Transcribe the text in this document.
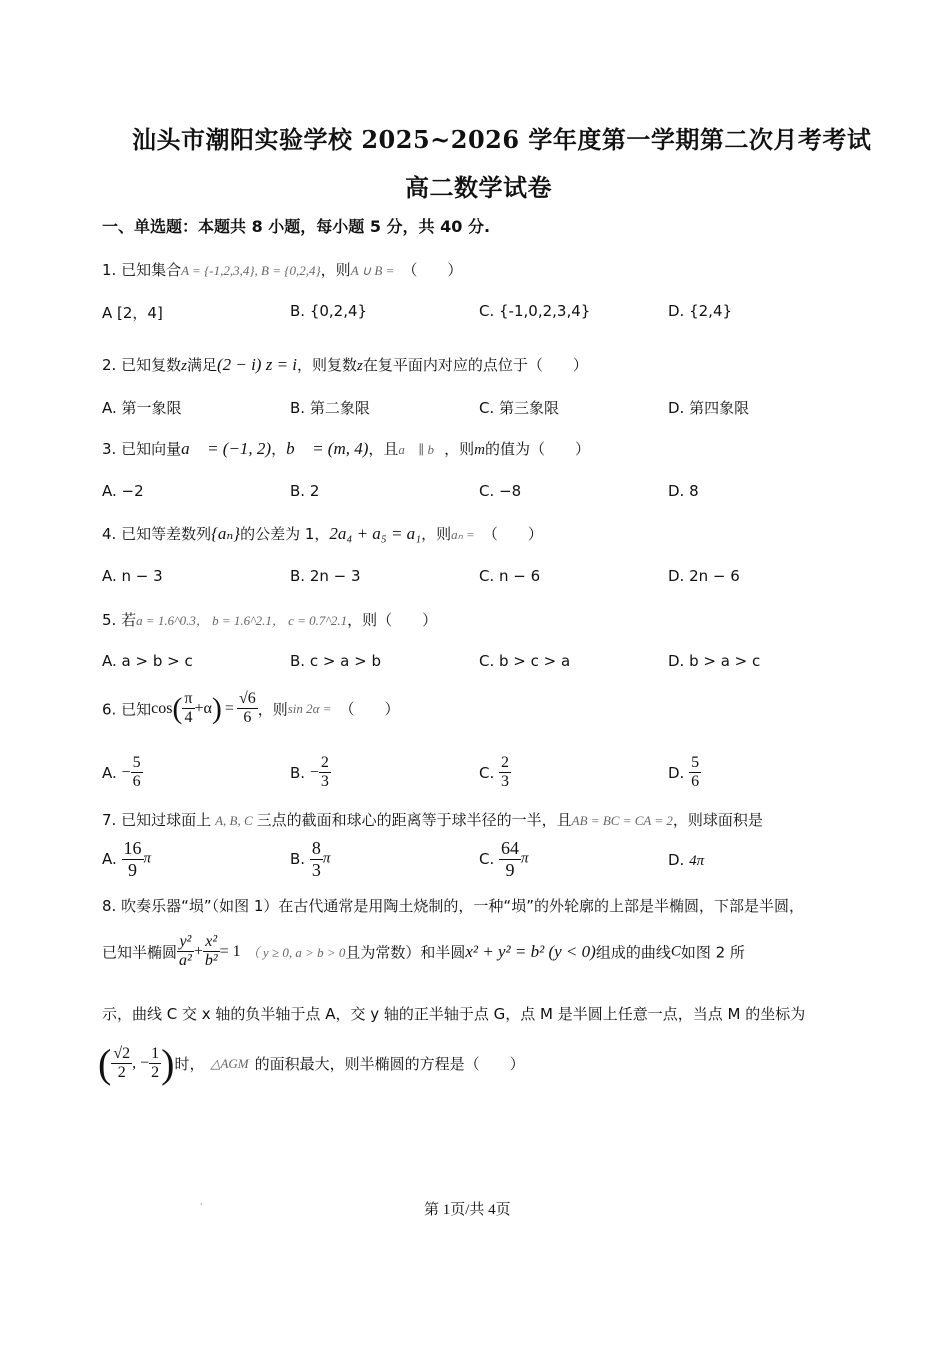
汕头市潮阳实验学校 2025~2026 学年度第一学期第二次月考考试
高二数学试卷
一、单选题：本题共 8 小题，每小题 5 分，共 40 分.
1. 已知集合A = {-1,2,3,4}, B = {0,2,4}，则A ∪ B = （　　）
A [2，4]	B. {0,2,4}	C. {-1,0,2,3,4}	D. {2,4}
2. 已知复数z满足(2 − i) z = i，则复数z在复平面内对应的点位于（　　）
A. 第一象限	B. 第二象限	C. 第三象限	D. 第四象限
3. 已知向量a⃗ = (−1, 2)，b⃗ = (m, 4)，且a⃗ ∥ b⃗，则m的值为（　　）
A. −2	B. 2	C. −8	D. 8
4. 已知等差数列{aₙ}的公差为 1，2a₄ + a₅ = a₁，则aₙ = （　　）
A. n − 3	B. 2n − 3	C. n − 6	D. 2n − 6
5. 若a = 1.6^0.3， b = 1.6^2.1， c = 0.7^2.1，则（　　）
A. a > b > c	B. c > a > b	C. b > c > a	D. b > a > c
6. 已知$\cos( \frac{\pi}{4} +\alpha) = \frac{√6}{6}$ ，则sin 2α = （　　）
A. − $\frac{5}{6}$	B. − $\frac{2}{3}$	C. $\frac{2}{3}$	D. $\frac{5}{6}$
7. 已知过球面上 A, B, C 三点的截面和球心的距离等于球半径的一半，且AB = BC = CA = 2，则球面积是
A. $\frac{16}{9}$ π	B. $\frac{8}{3}$ π	C. $\frac{64}{9}$ π	D. 4π
8. 吹奏乐器“埙”（如图 1）在古代通常是用陶土烧制的，一种“埙”的外轮廓的上部是半椭圆，下部是半圆，
已知半椭圆 $\frac{\text{y²}}{\text{a²}} + \frac{\text{x²}}{\text{b²}} = 1$ （ y ≥ 0, a > b > 0且为常数）和半圆x² + y² = b² (y < 0)组成的曲线C如图 2 所
示，曲线 C 交 x 轴的负半轴于点 A，交 y 轴的正半轴于点 G，点 M 是半圆上任意一点，当点 M 的坐标为
( $\frac{√2}{2}$ , − $\frac{1}{2}$ )时， △AGM 的面积最大，则半椭圆的方程是（　　）
·	第 1页/共 4页
